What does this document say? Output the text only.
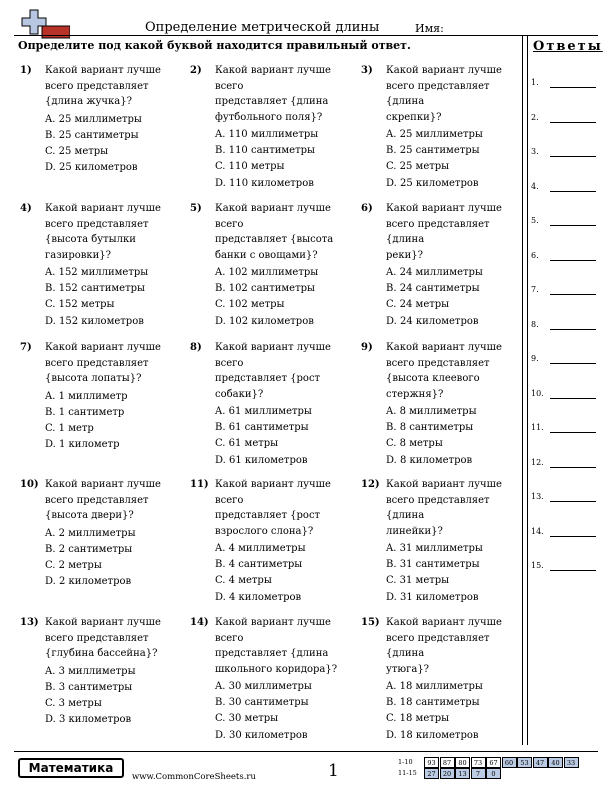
Определение метрической длины	Имя:
Определите под какой буквой находится правильный ответ.	Ответы
1.
2.
3.
4.
5.
6.
7.
8.
9.
10.
11.
12.
13.
14.
15.
1) Какой вариант лучше
всего представляет
{длина жучка}?
A. 25 миллиметры
B. 25 сантиметры
C. 25 метры
D. 25 километров
2) Какой вариант лучше всего
представляет {длина
футбольного поля}?
A. 110 миллиметры
B. 110 сантиметры
C. 110 метры
D. 110 километров
3) Какой вариант лучше
всего представляет {длина
скрепки}?
A. 25 миллиметры
B. 25 сантиметры
C. 25 метры
D. 25 километров
4) Какой вариант лучше
всего представляет
{высота бутылки
газировки}?
A. 152 миллиметры
B. 152 сантиметры
C. 152 метры
D. 152 километров
5) Какой вариант лучше всего
представляет {высота
банки с овощами}?
A. 102 миллиметры
B. 102 сантиметры
C. 102 метры
D. 102 километров
6) Какой вариант лучше
всего представляет {длина
реки}?
A. 24 миллиметры
B. 24 сантиметры
C. 24 метры
D. 24 километров
7) Какой вариант лучше
всего представляет
{высота лопаты}?
A. 1 миллиметр
B. 1 сантиметр
C. 1 метр
D. 1 километр
8) Какой вариант лучше всего
представляет {рост
собаки}?
A. 61 миллиметры
B. 61 сантиметры
C. 61 метры
D. 61 километров
9) Какой вариант лучше
всего представляет
{высота клеевого
стержня}?
A. 8 миллиметры
B. 8 сантиметры
C. 8 метры
D. 8 километров
10) Какой вариант лучше
всего представляет
{высота двери}?
A. 2 миллиметры
B. 2 сантиметры
C. 2 метры
D. 2 километров
11) Какой вариант лучше всего
представляет {рост
взрослого слона}?
A. 4 миллиметры
B. 4 сантиметры
C. 4 метры
D. 4 километров
12) Какой вариант лучше
всего представляет {длина
линейки}?
A. 31 миллиметры
B. 31 сантиметры
C. 31 метры
D. 31 километров
13) Какой вариант лучше
всего представляет
{глубина бассейна}?
A. 3 миллиметры
B. 3 сантиметры
C. 3 метры
D. 3 километров
14) Какой вариант лучше всего
представляет {длина
школьного коридора}?
A. 30 миллиметры
B. 30 сантиметры
C. 30 метры
D. 30 километров
15) Какой вариант лучше
всего представляет {длина
утюга}?
A. 18 миллиметры
B. 18 сантиметры
C. 18 метры
D. 18 километров
Математика
www.CommonCoreSheets.ru	1	1-10	93	87	80	73	67	60	53	47	40	33
11-15	27	20	13	7	0
